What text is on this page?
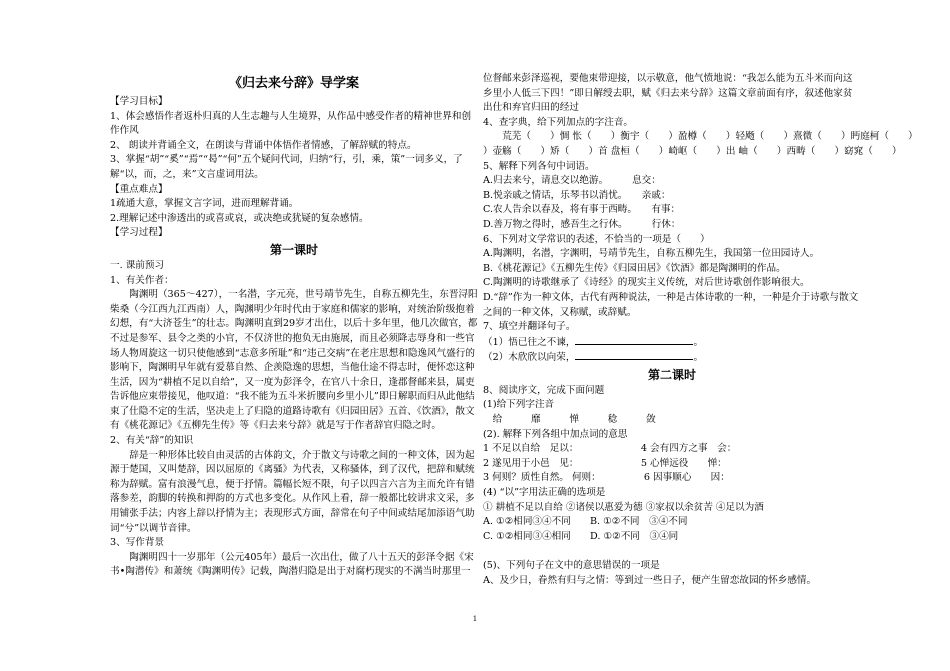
《归去来兮辞》导学案
【学习目标】
1、体会感悟作者返朴归真的人生志趣与人生境界，从作品中感受作者的精神世界和创作作风
2、 朗读并背诵全文，在朗读与背诵中体悟作者情感，了解辞赋的特点。
3、掌握“胡”“奚”“焉”“曷”“何”五个疑问代词，归纳“行，引，乘，策”一词多义，了解“以，而，之，来”文言虚词用法。
【重点难点】
1疏通大意，掌握文言字词，进而理解背诵。
2.理解记述中渗透出的或喜或哀，或决绝或犹疑的复杂感情。
【学习过程】
第一课时
一. 课前预习
1、有关作者：
陶渊明（365～427），一名潜，字元亮，世号靖节先生，自称五柳先生，东晋浔阳柴桑（今江西九江西南）人，陶渊明少年时代由于家庭和儒家的影响，对统治阶级抱着幻想，有“大济苍生”的壮志。陶渊明直到29岁才出仕，以后十多年里，他几次做官，都不过是参军、县令之类的小官，不仅济世的抱负无由施展，而且必须降志辱身和一些官场人物周旋这一切只使他感到“志意多所耻”和“违己交病”在老庄思想和隐逸风气盛行的影响下，陶渊明早年就有爱慕自然、企羡隐逸的思想，当他仕途不得志时，便怀恋这种生活，因为“耕植不足以自给”，又一度为彭泽令，在官八十余日，逢郡督邮来县，属吏告诉他应束带接见，他叹道：“我不能为五斗米折腰向乡里小儿”即日解职而归从此他结束了仕隐不定的生活，坚决走上了归隐的道路诗歌有《归园田居》五首、《饮酒》，散文有《桃花源记》《五柳先生传》等《归去来兮辞》就是写于作者辞官归隐之时。
2、有关“辞”的知识
辞是一种形体比较自由灵活的古体韵文，介于散文与诗歌之间的一种文体，因为起源于楚国，又叫楚辞，因以屈原的《离骚》为代表，又称骚体，到了汉代，把辞和赋统称为辞赋。富有浪漫气息，便于抒情。篇幅长短不限，句子以四言六言为主而允许有错落参差，韵脚的转换和押韵的方式也多变化。从作风上看，辞一般都比较讲求文采，多用铺张手法；内容上辞以抒情为主；表现形式方面，辞常在句子中间或结尾加添语气助词“兮”以调节音律。
3、写作背景
陶渊明四十一岁那年（公元405年）最后一次出仕，做了八十五天的彭泽令据《宋书•陶潜传》和萧统《陶渊明传》记载，陶潜归隐是出于对腐朽现实的不满当时那里一
位督邮来彭泽巡视，要他束带迎接，以示敬意，他气愤地说：“我怎么能为五斗米而向这乡里小人低三下四！”即日解绶去职，赋《归去来兮辞》这篇文章前面有序，叙述他家贫出仕和弃官归田的经过
4、查字典，给下列加点的字注音。
荒芜（　　）惆 怅（　　）衡宇（　　）盈樽（　　）轻飏（　　）熹微（　　）眄庭柯（　　）
）壶觞（　　）矫（　　）首 盘桓（　　）崎岖（　　）出 岫（　　）西畴（　　）窈窕（　　）
5、解释下列各句中词语。
A.归去来兮，请息交以绝游。　　　息交：
B.悦亲戚之情话，乐琴书以消忧。　　亲戚：
C.农人告余以春及，将有事于西畴。　　有事：
D.善万物之得时，感吾生之行休。　　　行休：
6、下列对文学常识的表述，不恰当的一项是（　　）
A.陶渊明，名潜，字渊明，号靖节先生，自称五柳先生，我国第一位田园诗人。
B.《桃花源记》《五柳先生传》《归园田居》《饮酒》都是陶渊明的作品。
C.陶渊明的诗歌继承了《诗经》的现实主义传统，对后世诗歌创作影响很大。
D.“辞”作为一种文体，古代有两种说法，一种是古体诗歌的一种，一种是介于诗歌与散文之间的一种文体，又称赋，或辞赋。
7、填空并翻译句子。
（1）悟已往之不谏，	。
（2）木欣欣以向荣，	。
第二课时
8、阅读序文，完成下面问题
(1)给下列字注音
　给　　　靡　　　惮　　　稔　　　敛
(2). 解释下列各组中加点词的意思
1 不足以自给　足以：　　　　　　　4 会有四方之事　会：
2 遂见用于小邑　见：　　　　　　　5 心惮远役　　惮：
3 何则？质性自然。 何则：　　　　　6 因事顺心　　因：
(4) “以”字用法正确的选项是
① 耕植不足以自给 ②诸侯以惠爱为德 ③家叔以余贫苦 ④足以为酒
A. ①②相同③④不同　　B. ①②不同　③④不同
C. ①②相同③④相同　　D. ①②不同　③④同

(5)、下列句子在文中的意思错误的一项是
A、及少日，眷然有归与之情：等到过一些日子，便产生留恋故园的怀乡感情。
1
